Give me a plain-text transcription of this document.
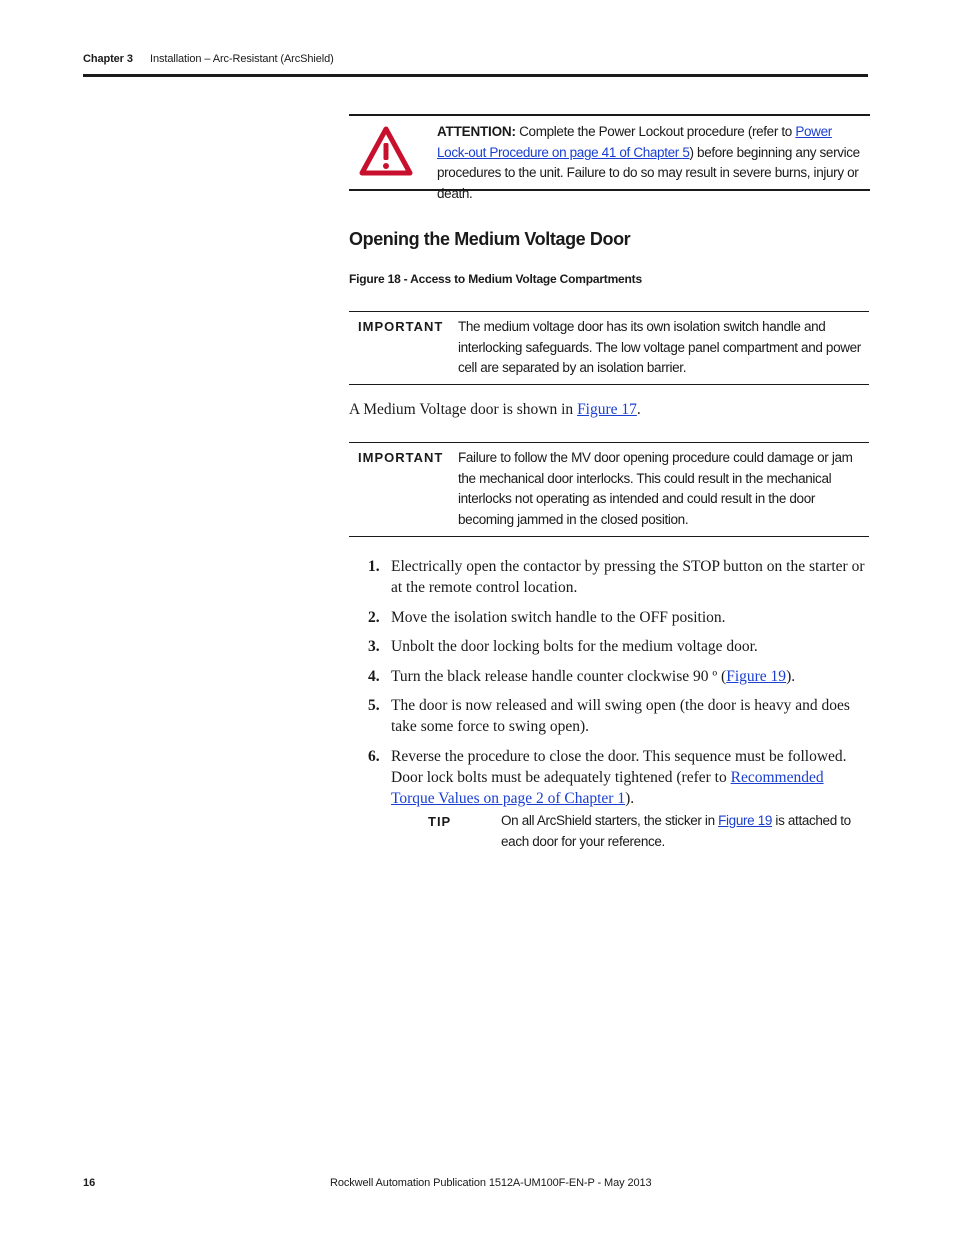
Chapter 3 Installation – Arc-Resistant (ArcShield)
ATTENTION: Complete the Power Lockout procedure (refer to Power Lock-out Procedure on page 41 of Chapter 5) before beginning any service procedures to the unit. Failure to do so may result in severe burns, injury or death.
Opening the Medium Voltage Door
Figure 18 - Access to Medium Voltage Compartments
IMPORTANT The medium voltage door has its own isolation switch handle and interlocking safeguards. The low voltage panel compartment and power cell are separated by an isolation barrier.
A Medium Voltage door is shown in Figure 17.
IMPORTANT Failure to follow the MV door opening procedure could damage or jam the mechanical door interlocks. This could result in the mechanical interlocks not operating as intended and could result in the door becoming jammed in the closed position.
1. Electrically open the contactor by pressing the STOP button on the starter or at the remote control location.
2. Move the isolation switch handle to the OFF position.
3. Unbolt the door locking bolts for the medium voltage door.
4. Turn the black release handle counter clockwise 90 º (Figure 19).
5. The door is now released and will swing open (the door is heavy and does take some force to swing open).
6. Reverse the procedure to close the door. This sequence must be followed. Door lock bolts must be adequately tightened (refer to Recommended Torque Values on page 2 of Chapter 1).
TIP	On all ArcShield starters, the sticker in Figure 19 is attached to each door for your reference.
16	Rockwell Automation Publication 1512A-UM100F-EN-P - May 2013
